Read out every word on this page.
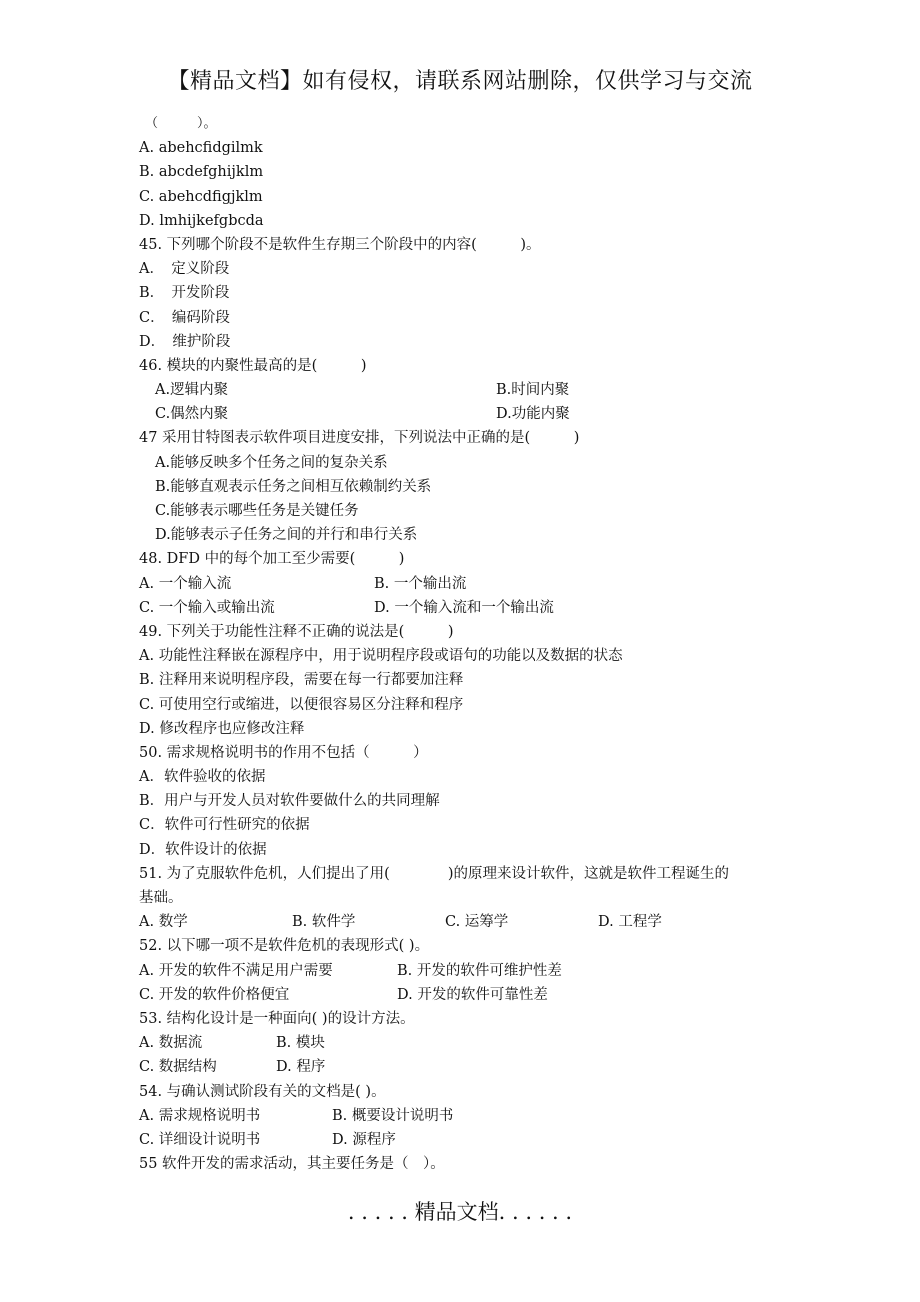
【精品文档】如有侵权，请联系网站删除，仅供学习与交流
（　　　）。
A. abehcfidgilmk
B. abcdefghijklm
C. abehcdfigjklm
D. lmhijkefgbcda
45. 下列哪个阶段不是软件生存期三个阶段中的内容(　　　)。
A．　定义阶段
B．　开发阶段
C．　编码阶段
D．　维护阶段
46. 模块的内聚性最高的是(　　　)
A.逻辑内聚	B.时间内聚
C.偶然内聚	D.功能内聚
47 采用甘特图表示软件项目进度安排，下列说法中正确的是(　　　)
A.能够反映多个任务之间的复杂关系
B.能够直观表示任务之间相互依赖制约关系
C.能够表示哪些任务是关键任务
D.能够表示子任务之间的并行和串行关系
48. DFD 中的每个加工至少需要(　　　)
A. 一个输入流	B. 一个输出流
C. 一个输入或输出流	D. 一个输入流和一个输出流
49. 下列关于功能性注释不正确的说法是(　　　)
A. 功能性注释嵌在源程序中，用于说明程序段或语句的功能以及数据的状态
B. 注释用来说明程序段，需要在每一行都要加注释
C. 可使用空行或缩进，以便很容易区分注释和程序
D. 修改程序也应修改注释
50. 需求规格说明书的作用不包括（　　　）
A．软件验收的依据
B．用户与开发人员对软件要做什么的共同理解
C．软件可行性研究的依据
D．软件设计的依据
51. 为了克服软件危机，人们提出了用(　　　　)的原理来设计软件，这就是软件工程诞生的
基础。
A. 数学	B. 软件学	C. 运筹学	D. 工程学
52. 以下哪一项不是软件危机的表现形式( )。
A. 开发的软件不满足用户需要	B. 开发的软件可维护性差
C. 开发的软件价格便宜	D. 开发的软件可靠性差
53. 结构化设计是一种面向( )的设计方法。
A. 数据流	B. 模块
C. 数据结构	D. 程序
54. 与确认测试阶段有关的文档是( )。
A. 需求规格说明书	B. 概要设计说明书
C. 详细设计说明书	D. 源程序
55 软件开发的需求活动，其主要任务是（　）。
. . . . . 精品文档. . . . . .
